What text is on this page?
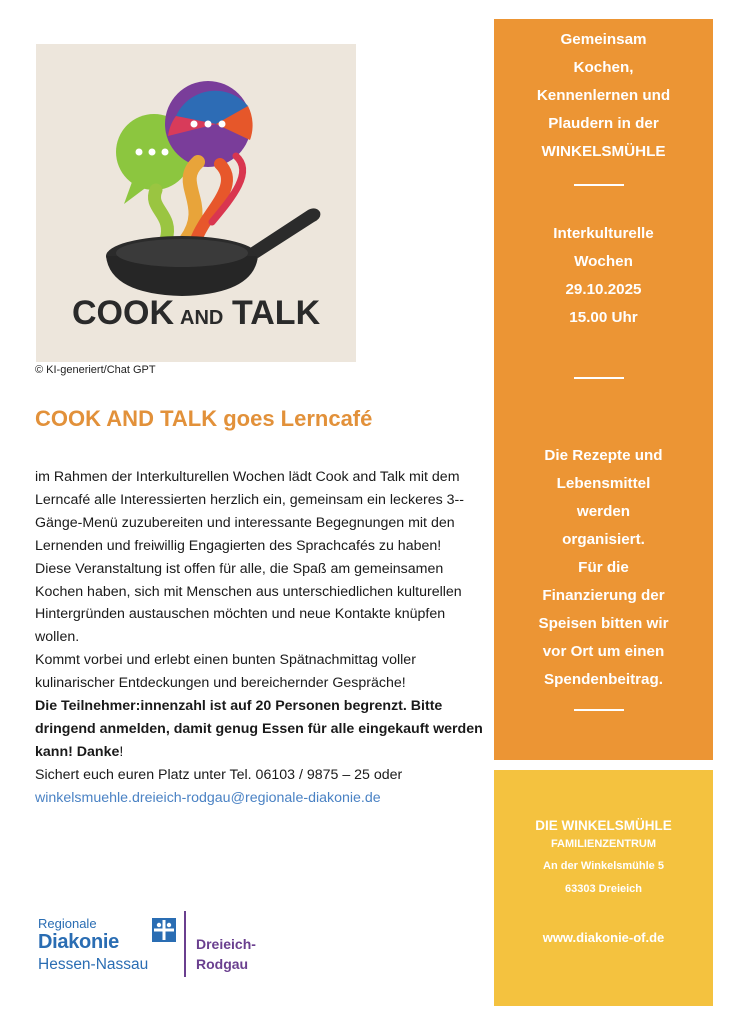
COOK AND TALK
© KI-generiert/Chat GPT
COOK AND TALK goes Lerncafé

im Rahmen der Interkulturellen Wochen lädt Cook and Talk mit dem Lerncafé alle Interessierten herzlich ein, gemeinsam ein leckeres 3--Gänge-Menü zuzubereiten und interessante Begegnungen mit den Lernenden und freiwillig Engagierten des Sprachcafés zu haben!

Diese Veranstaltung ist offen für alle, die Spaß am gemeinsamen Kochen haben, sich mit Menschen aus unterschiedlichen kulturellen Hintergründen austauschen möchten und neue Kontakte knüpfen wollen.

Kommt vorbei und erlebt einen bunten Spätnachmittag voller kulinarischer Entdeckungen und bereichernder Gespräche!

Die Teilnehmer:innenzahl ist auf 20 Personen begrenzt. Bitte dringend anmelden, damit genug Essen für alle eingekauft werden kann! Danke!

Sichert euch euren Platz unter Tel. 06103 / 9875 – 25 oder

winkelsmuehle.dreieich-rodgau@regionale-diakonie.de

Gemeinsam
Kochen,
Kennenlernen und
Plaudern in der
WINKELSMÜHLE
Interkulturelle
Wochen
29.10.2025
15.00 Uhr
Die Rezepte und
Lebensmittel
werden
organisiert.
Für die
Finanzierung der
Speisen bitten wir
vor Ort um einen
Spendenbeitrag.
DIE WINKELSMÜHLE
FAMILIENZENTRUM
An der Winkelsmühle 5
63303 Dreieich
www.diakonie-of.de
Regionale
Diakonie
Hessen-Nassau
Dreieich-
Rodgau
